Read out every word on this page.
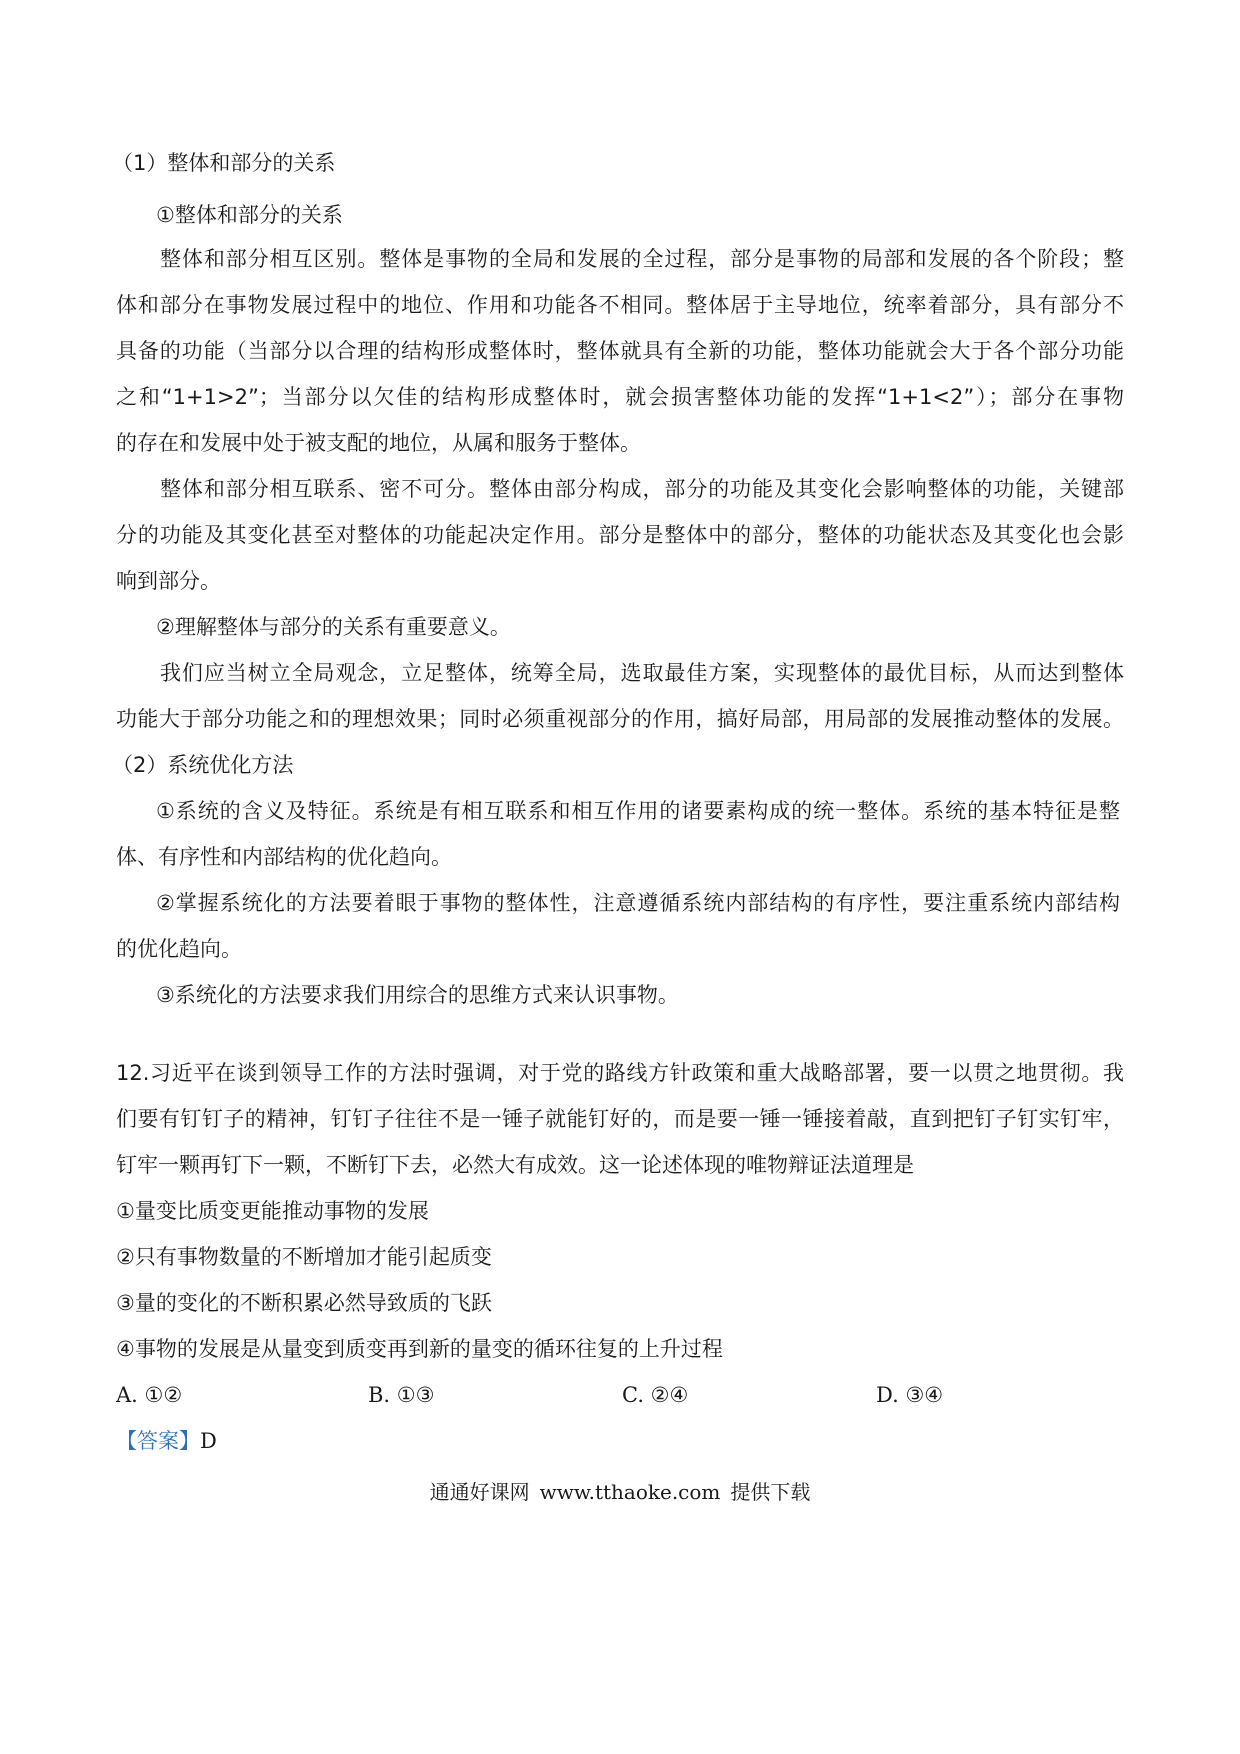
（1）整体和部分的关系
①整体和部分的关系
整体和部分相互区别。整体是事物的全局和发展的全过程，部分是事物的局部和发展的各个阶段；整
体和部分在事物发展过程中的地位、作用和功能各不相同。整体居于主导地位，统率着部分，具有部分不
具备的功能（当部分以合理的结构形成整体时，整体就具有全新的功能，整体功能就会大于各个部分功能
之和“1+1>2”；当部分以欠佳的结构形成整体时，就会损害整体功能的发挥“1+1<2”）；部分在事物
的存在和发展中处于被支配的地位，从属和服务于整体。
整体和部分相互联系、密不可分。整体由部分构成，部分的功能及其变化会影响整体的功能，关键部
分的功能及其变化甚至对整体的功能起决定作用。部分是整体中的部分，整体的功能状态及其变化也会影
响到部分。
②理解整体与部分的关系有重要意义。
我们应当树立全局观念，立足整体，统筹全局，选取最佳方案，实现整体的最优目标，从而达到整体
功能大于部分功能之和的理想效果；同时必须重视部分的作用，搞好局部，用局部的发展推动整体的发展。
（2）系统优化方法
①系统的含义及特征。系统是有相互联系和相互作用的诸要素构成的统一整体。系统的基本特征是整
体、有序性和内部结构的优化趋向。
②掌握系统化的方法要着眼于事物的整体性，注意遵循系统内部结构的有序性，要注重系统内部结构
的优化趋向。
③系统化的方法要求我们用综合的思维方式来认识事物。
12.习近平在谈到领导工作的方法时强调，对于党的路线方针政策和重大战略部署，要一以贯之地贯彻。我
们要有钉钉子的精神，钉钉子往往不是一锤子就能钉好的，而是要一锤一锤接着敲，直到把钉子钉实钉牢，
钉牢一颗再钉下一颗，不断钉下去，必然大有成效。这一论述体现的唯物辩证法道理是
①量变比质变更能推动事物的发展
②只有事物数量的不断增加才能引起质变
③量的变化的不断积累必然导致质的飞跃
④事物的发展是从量变到质变再到新的量变的循环往复的上升过程
A. ①②	B. ①③	C. ②④	D. ③④
【答案】D
通通好课网 www.tthaoke.com 提供下载
